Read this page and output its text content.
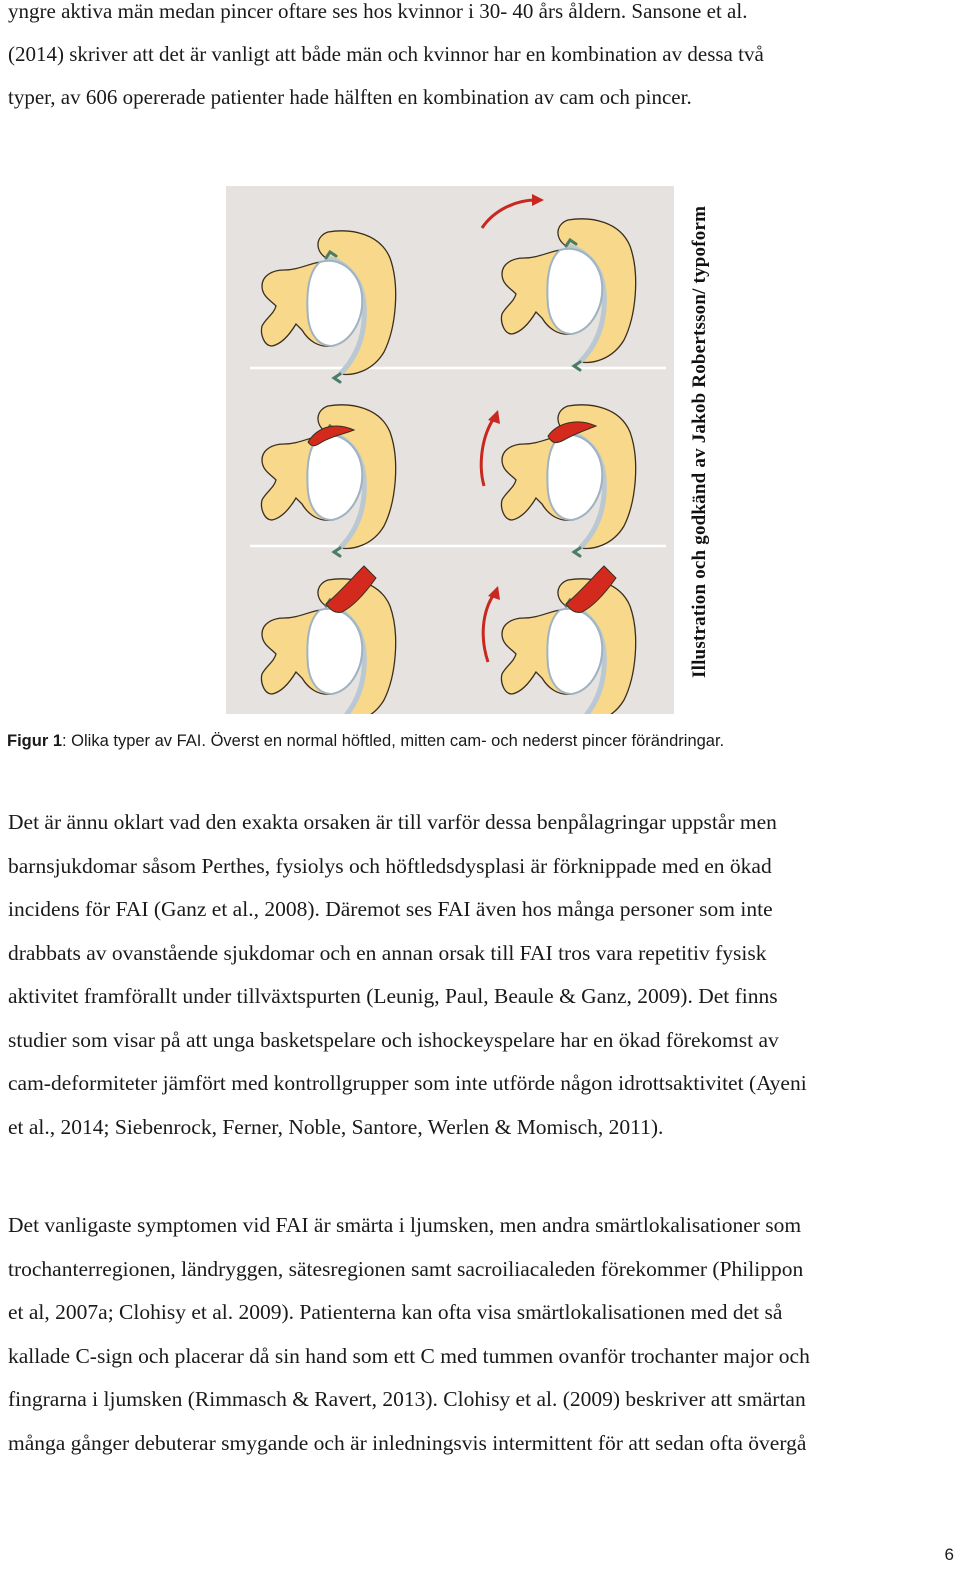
yngre aktiva män medan pincer oftare ses hos kvinnor i 30- 40 års åldern. Sansone et al.
(2014) skriver att det är vanligt att både män och kvinnor har en kombination av dessa två
typer, av 606 opererade patienter hade hälften en kombination av cam och pincer.
Illustration och godkänd av Jakob Robertsson/ typoform
Figur 1: Olika typer av FAI. Överst en normal höftled, mitten cam- och nederst pincer förändringar.
Det är ännu oklart vad den exakta orsaken är till varför dessa benpålagringar uppstår men
barnsjukdomar såsom Perthes, fysiolys och höftledsdysplasi är förknippade med en ökad
incidens för FAI (Ganz et al., 2008). Däremot ses FAI även hos många personer som inte
drabbats av ovanstående sjukdomar och en annan orsak till FAI tros vara repetitiv fysisk
aktivitet framförallt under tillväxtspurten (Leunig, Paul, Beaule & Ganz, 2009). Det finns
studier som visar på att unga basketspelare och ishockeyspelare har en ökad förekomst av
cam-deformiteter jämfört med kontrollgrupper som inte utförde någon idrottsaktivitet (Ayeni
et al., 2014; Siebenrock, Ferner, Noble, Santore, Werlen & Momisch, 2011).
Det vanligaste symptomen vid FAI är smärta i ljumsken, men andra smärtlokalisationer som
trochanterregionen, ländryggen, sätesregionen samt sacroiliacaleden förekommer (Philippon
et al, 2007a; Clohisy et al. 2009). Patienterna kan ofta visa smärtlokalisationen med det så
kallade C-sign och placerar då sin hand som ett C med tummen ovanför trochanter major och
fingrarna i ljumsken (Rimmasch & Ravert, 2013). Clohisy et al. (2009) beskriver att smärtan
många gånger debuterar smygande och är inledningsvis intermittent för att sedan ofta övergå
6
